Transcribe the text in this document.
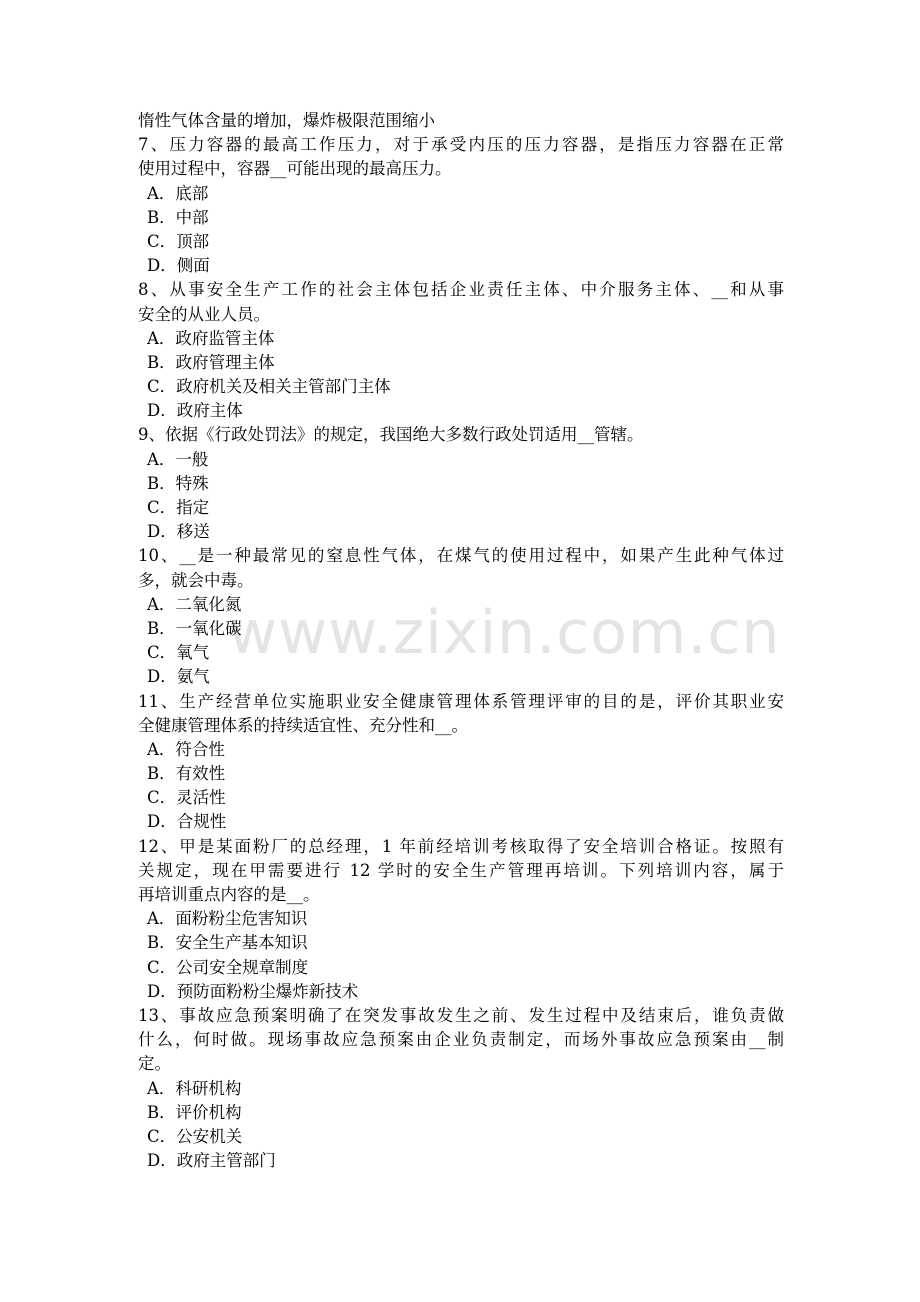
www.zixin.com.cn
惰性气体含量的增加，爆炸极限范围缩小
7、压力容器的最高工作压力，对于承受内压的压力容器，是指压力容器在正常
使用过程中，容器__可能出现的最高压力。
A．底部
B．中部
C．顶部
D．侧面
8、从事安全生产工作的社会主体包括企业责任主体、中介服务主体、__和从事
安全的从业人员。
A．政府监管主体
B．政府管理主体
C．政府机关及相关主管部门主体
D．政府主体
9、依据《行政处罚法》的规定，我国绝大多数行政处罚适用__管辖。
A．一般
B．特殊
C．指定
D．移送
10、__是一种最常见的窒息性气体，在煤气的使用过程中，如果产生此种气体过
多，就会中毒。
A．二氧化氮
B．一氧化碳
C．氧气
D．氨气
11、生产经营单位实施职业安全健康管理体系管理评审的目的是，评价其职业安
全健康管理体系的持续适宜性、充分性和__。
A．符合性
B．有效性
C．灵活性
D．合规性
12、甲是某面粉厂的总经理，1 年前经培训考核取得了安全培训合格证。按照有
关规定，现在甲需要进行 12 学时的安全生产管理再培训。下列培训内容，属于
再培训重点内容的是__。
A．面粉粉尘危害知识
B．安全生产基本知识
C．公司安全规章制度
D．预防面粉粉尘爆炸新技术
13、事故应急预案明确了在突发事故发生之前、发生过程中及结束后，谁负责做
什么，何时做。现场事故应急预案由企业负责制定，而场外事故应急预案由__制
定。
A．科研机构
B．评价机构
C．公安机关
D．政府主管部门
